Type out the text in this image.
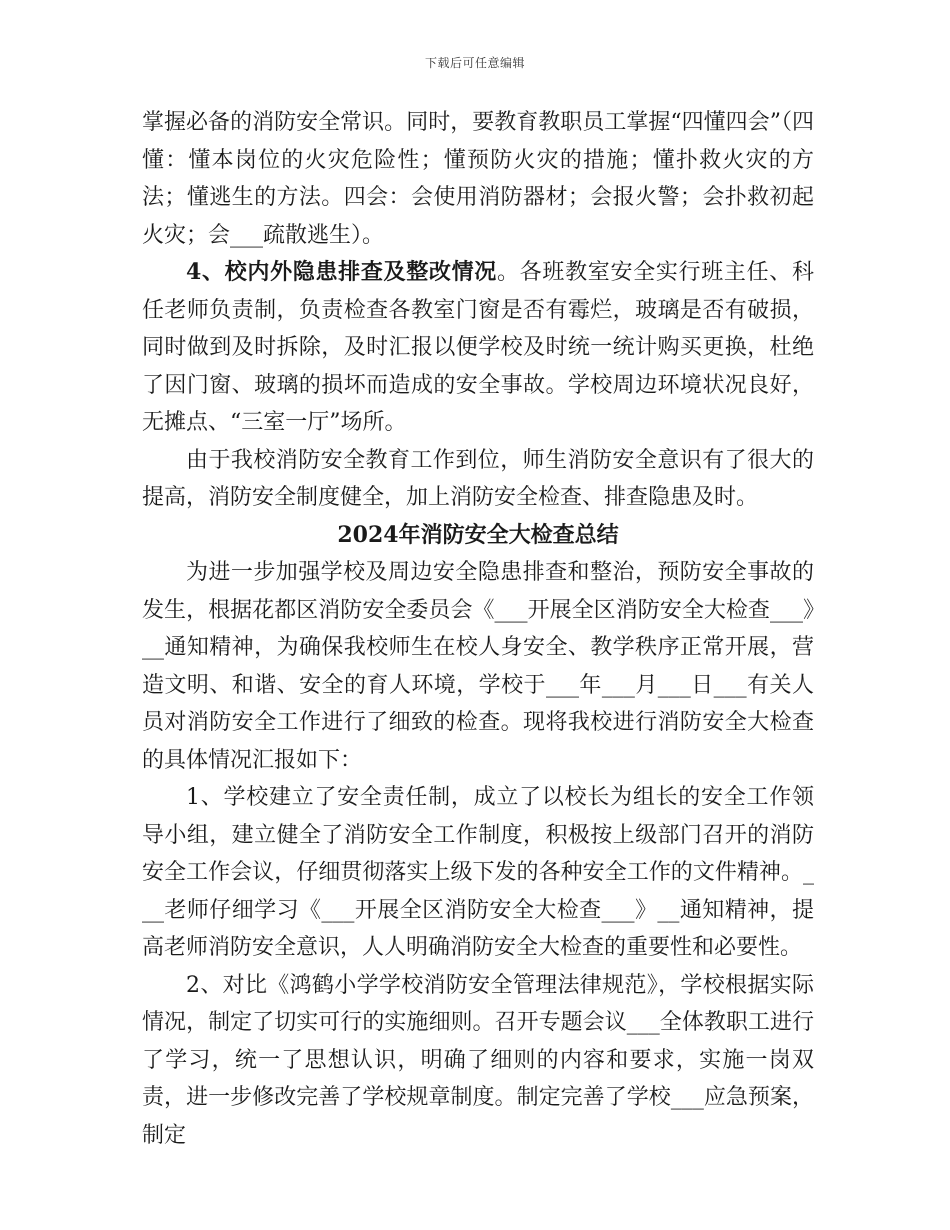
下载后可任意编辑

掌握必备的消防安全常识。同时，要教育教职员工掌握“四懂四会”（四懂：懂本岗位的火灾危险性；懂预防火灾的措施；懂扑救火灾的方法；懂逃生的方法。四会：会使用消防器材；会报火警；会扑救初起火灾；会___疏散逃生）。

4、校内外隐患排查及整改情况。各班教室安全实行班主任、科任老师负责制，负责检查各教室门窗是否有霉烂，玻璃是否有破损，同时做到及时拆除，及时汇报以便学校及时统一统计购买更换，杜绝了因门窗、玻璃的损坏而造成的安全事故。学校周边环境状况良好，无摊点、“三室一厅”场所。

由于我校消防安全教育工作到位，师生消防安全意识有了很大的提高，消防安全制度健全，加上消防安全检查、排查隐患及时。

2024年消防安全大检查总结

为进一步加强学校及周边安全隐患排查和整治，预防安全事故的发生，根据花都区消防安全委员会《___开展全区消防安全大检查___》__通知精神，为确保我校师生在校人身安全、教学秩序正常开展，营造文明、和谐、安全的育人环境，学校于___年___月___日___有关人员对消防安全工作进行了细致的检查。现将我校进行消防安全大检查的具体情况汇报如下：

1、学校建立了安全责任制，成立了以校长为组长的安全工作领导小组，建立健全了消防安全工作制度，积极按上级部门召开的消防安全工作会议，仔细贯彻落实上级下发的各种安全工作的文件精神。___老师仔细学习《___开展全区消防安全大检查___》__通知精神，提高老师消防安全意识，人人明确消防安全大检查的重要性和必要性。

2、对比《鸿鹤小学学校消防安全管理法律规范》，学校根据实际情况，制定了切实可行的实施细则。召开专题会议___全体教职工进行了学习，统一了思想认识，明确了细则的内容和要求，实施一岗双责，进一步修改完善了学校规章制度。制定完善了学校___应急预案，制定
